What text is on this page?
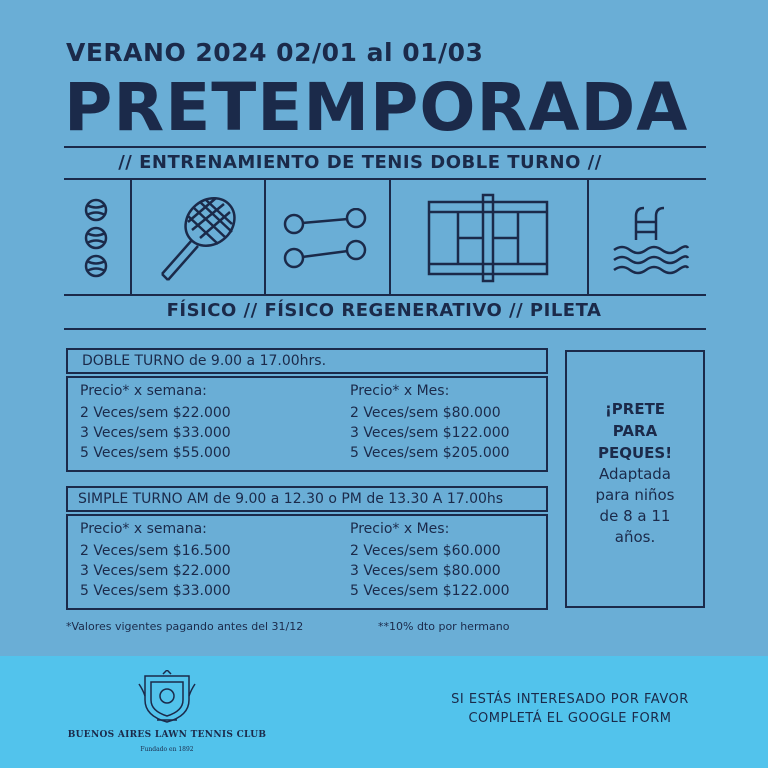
VERANO 2024 02/01 al 01/03
PRETEMPORADA
// ENTRENAMIENTO DE TENIS DOBLE TURNO //
FÍSICO // FÍSICO REGENERATIVO // PILETA
DOBLE TURNO de 9.00 a 17.00hrs.
Precio* x semana:
2 Veces/sem $22.000
3 Veces/sem $33.000
5 Veces/sem $55.000
Precio* x Mes:
2 Veces/sem $80.000
3 Veces/sem $122.000
5 Veces/sem $205.000
SIMPLE TURNO AM de 9.00 a 12.30 o PM de 13.30 A 17.00hs
Precio* x semana:
2 Veces/sem $16.500
3 Veces/sem $22.000
5 Veces/sem $33.000
Precio* x Mes:
2 Veces/sem $60.000
3 Veces/sem $80.000
5 Veces/sem $122.000
¡PRETE
PARA
PEQUES!
Adaptada
para niños
de 8 a 11
años.
*Valores vigentes pagando antes del 31/12	**10% dto por hermano
BUENOS AIRES LAWN TENNIS CLUB
Fundado en 1892
SI ESTÁS INTERESADO POR FAVOR
COMPLETÁ EL GOOGLE FORM
